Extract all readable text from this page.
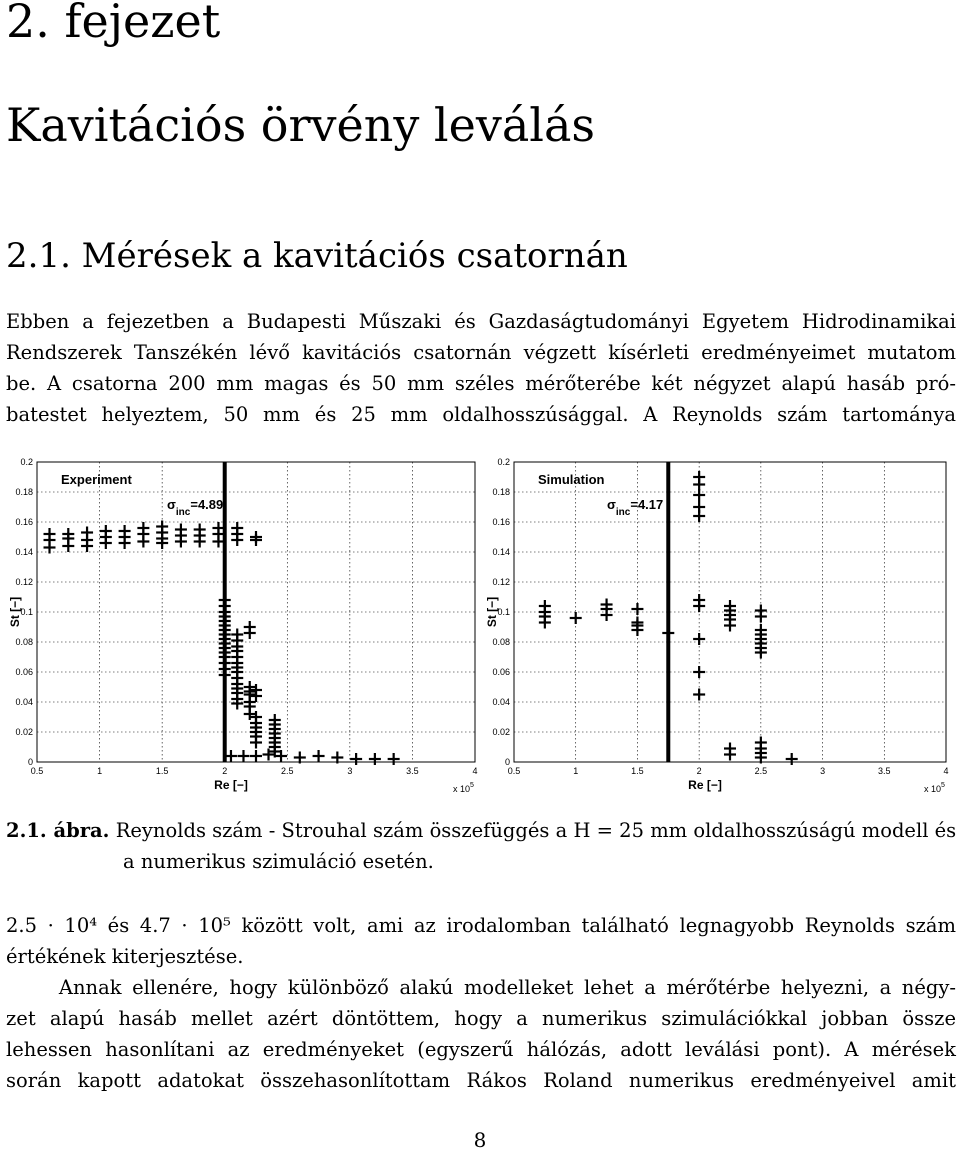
2. fejezet
Kavitációs örvény leválás
2.1. Mérések a kavitációs csatornán
Ebben a fejezetben a Budapesti Műszaki és Gazdaságtudományi Egyetem Hidrodinamikai
Rendszerek Tanszékén lévő kavitációs csatornán végzett kísérleti eredményeimet mutatom
be. A csatorna 200 mm magas és 50 mm széles mérőterébe két négyzet alapú hasáb pró-
batestet helyeztem, 50 mm és 25 mm oldalhosszúsággal. A Reynolds szám tartománya
0.5	1	1.5	2	2.5	3	3.5	4
0
0.02
0.04
0.06
0.08
0.1
0.12
0.14
0.16
0.18
0.2
Experiment
$\sigma_{inc}=4.89$
Re [−]
St [−]
x $10^5$
0.5	1	1.5	2	2.5	3	3.5	4
0
0.02
0.04
0.06
0.08
0.1
0.12
0.14
0.16
0.18
0.2
Simulation
$\sigma_{inc}=4.17$
Re [−]
St [−]
x $10^5$
2.1. ábra. Reynolds szám - Strouhal szám összefüggés a H = 25 mm oldalhosszúságú modell és
a numerikus szimuláció esetén.
2.5 · 10⁴ és 4.7 · 10⁵ között volt, ami az irodalomban található legnagyobb Reynolds szám
értékének kiterjesztése.
Annak ellenére, hogy különböző alakú modelleket lehet a mérőtérbe helyezni, a négy-
zet alapú hasáb mellet azért döntöttem, hogy a numerikus szimulációkkal jobban össze
lehessen hasonlítani az eredményeket (egyszerű hálózás, adott leválási pont). A mérések
során kapott adatokat összehasonlítottam Rákos Roland numerikus eredményeivel amit
8
